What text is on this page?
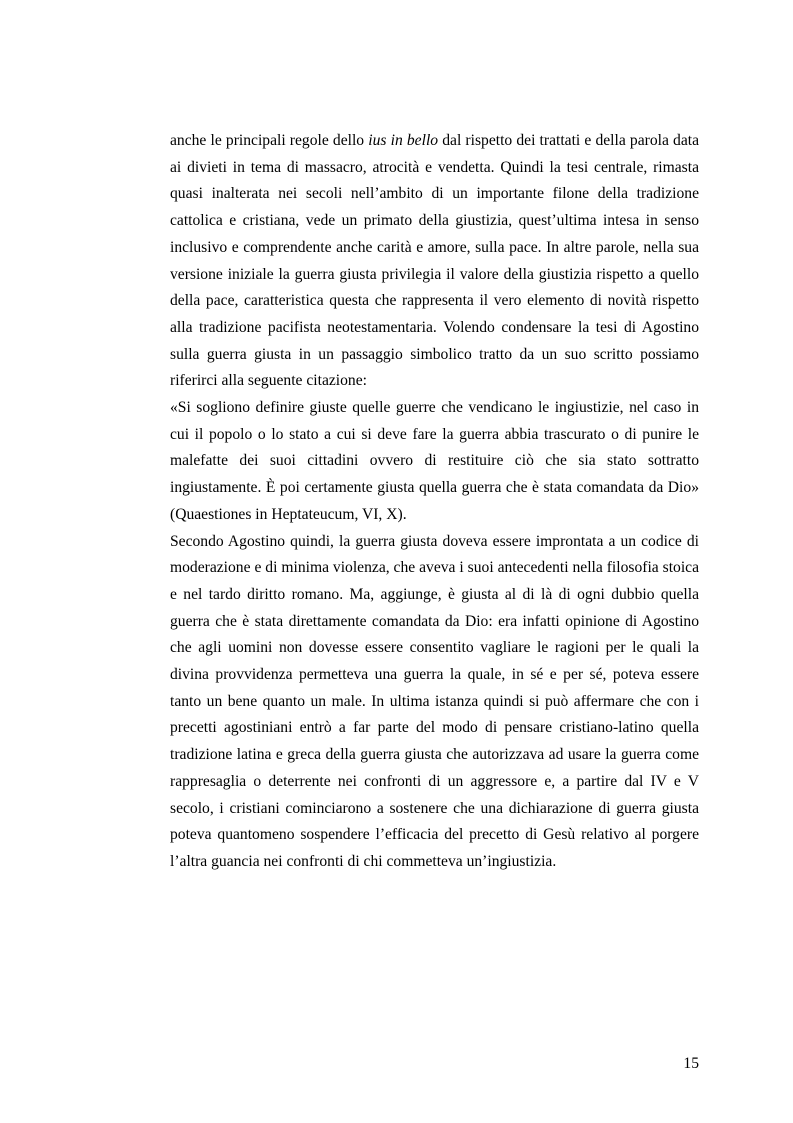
anche le principali regole dello ius in bello dal rispetto dei trattati e della parola data ai divieti in tema di massacro, atrocità e vendetta. Quindi la tesi centrale, rimasta quasi inalterata nei secoli nell’ambito di un importante filone della tradizione cattolica e cristiana, vede un primato della giustizia, quest’ultima intesa in senso inclusivo e comprendente anche carità e amore, sulla pace. In altre parole, nella sua versione iniziale la guerra giusta privilegia il valore della giustizia rispetto a quello della pace, caratteristica questa che rappresenta il vero elemento di novità rispetto alla tradizione pacifista neotestamentaria. Volendo condensare la tesi di Agostino sulla guerra giusta in un passaggio simbolico tratto da un suo scritto possiamo riferirci alla seguente citazione:

«Si sogliono definire giuste quelle guerre che vendicano le ingiustizie, nel caso in cui il popolo o lo stato a cui si deve fare la guerra abbia trascurato o di punire le malefatte dei suoi cittadini ovvero di restituire ciò che sia stato sottratto ingiustamente. È poi certamente giusta quella guerra che è stata comandata da Dio» (Quaestiones in Heptateucum, VI, X).

Secondo Agostino quindi, la guerra giusta doveva essere improntata a un codice di moderazione e di minima violenza, che aveva i suoi antecedenti nella filosofia stoica e nel tardo diritto romano. Ma, aggiunge, è giusta al di là di ogni dubbio quella guerra che è stata direttamente comandata da Dio: era infatti opinione di Agostino che agli uomini non dovesse essere consentito vagliare le ragioni per le quali la divina provvidenza permetteva una guerra la quale, in sé e per sé, poteva essere tanto un bene quanto un male. In ultima istanza quindi si può affermare che con i precetti agostiniani entrò a far parte del modo di pensare cristiano-latino quella tradizione latina e greca della guerra giusta che autorizzava ad usare la guerra come rappresaglia o deterrente nei confronti di un aggressore e, a partire dal IV e V secolo, i cristiani cominciarono a sostenere che una dichiarazione di guerra giusta poteva quantomeno sospendere l’efficacia del precetto di Gesù relativo al porgere l’altra guancia nei confronti di chi commetteva un’ingiustizia.

15
